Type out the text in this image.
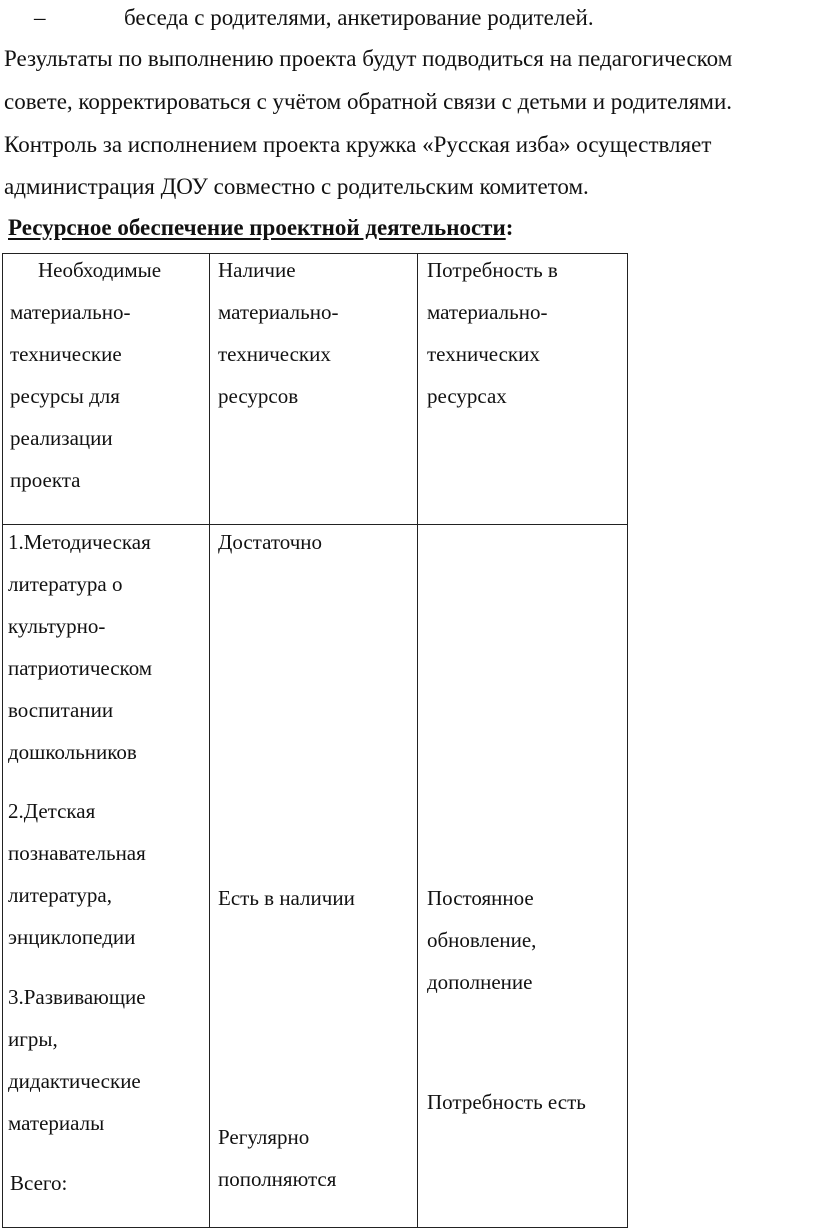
–	беседа с родителями, анкетирование родителей.
Результаты по выполнению проекта будут подводиться на педагогическом
совете, корректироваться с учётом обратной связи с детьми и родителями.
Контроль за исполнением проекта кружка «Русская изба» осуществляет
администрация ДОУ совместно с родительским комитетом.
Ресурсное обеспечение проектной деятельности:
Необходимые
материально-
технические
ресурсы для
реализации
проекта
Наличие
материально-
технических
ресурсов
Потребность в
материально-
технических
ресурсах
1.Методическая
литература о
культурно-
патриотическом
воспитании
дошкольников
2.Детская
познавательная
литература,
энциклопедии
3.Развивающие
игры,
дидактические
материалы
Всего:
Достаточно
Есть в наличии
Регулярно
пополняются
Постоянное
обновление,
дополнение
Потребность есть
